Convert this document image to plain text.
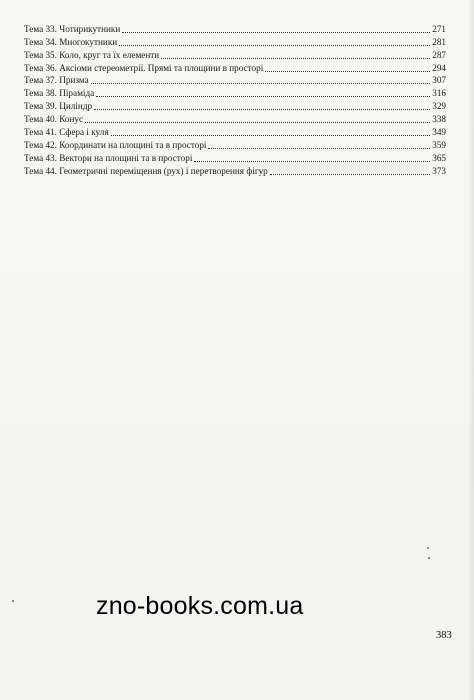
Тема 33. Чотирикутники	271
Тема 34. Многокутники	281
Тема 35. Коло, круг та їх елементи	287
Тема 36. Аксіоми стереометрії. Прямі та площини в просторі	294
Тема 37. Призма	307
Тема 38. Піраміда	316
Тема 39. Циліндр	329
Тема 40. Конус	338
Тема 41. Сфера і куля	349
Тема 42. Координати на площині та в просторі	359
Тема 43. Вектори на площині та в просторі	365
Тема 44. Геометричні переміщення (рух) і перетворення фігур	373
zno-books.com.ua
383
